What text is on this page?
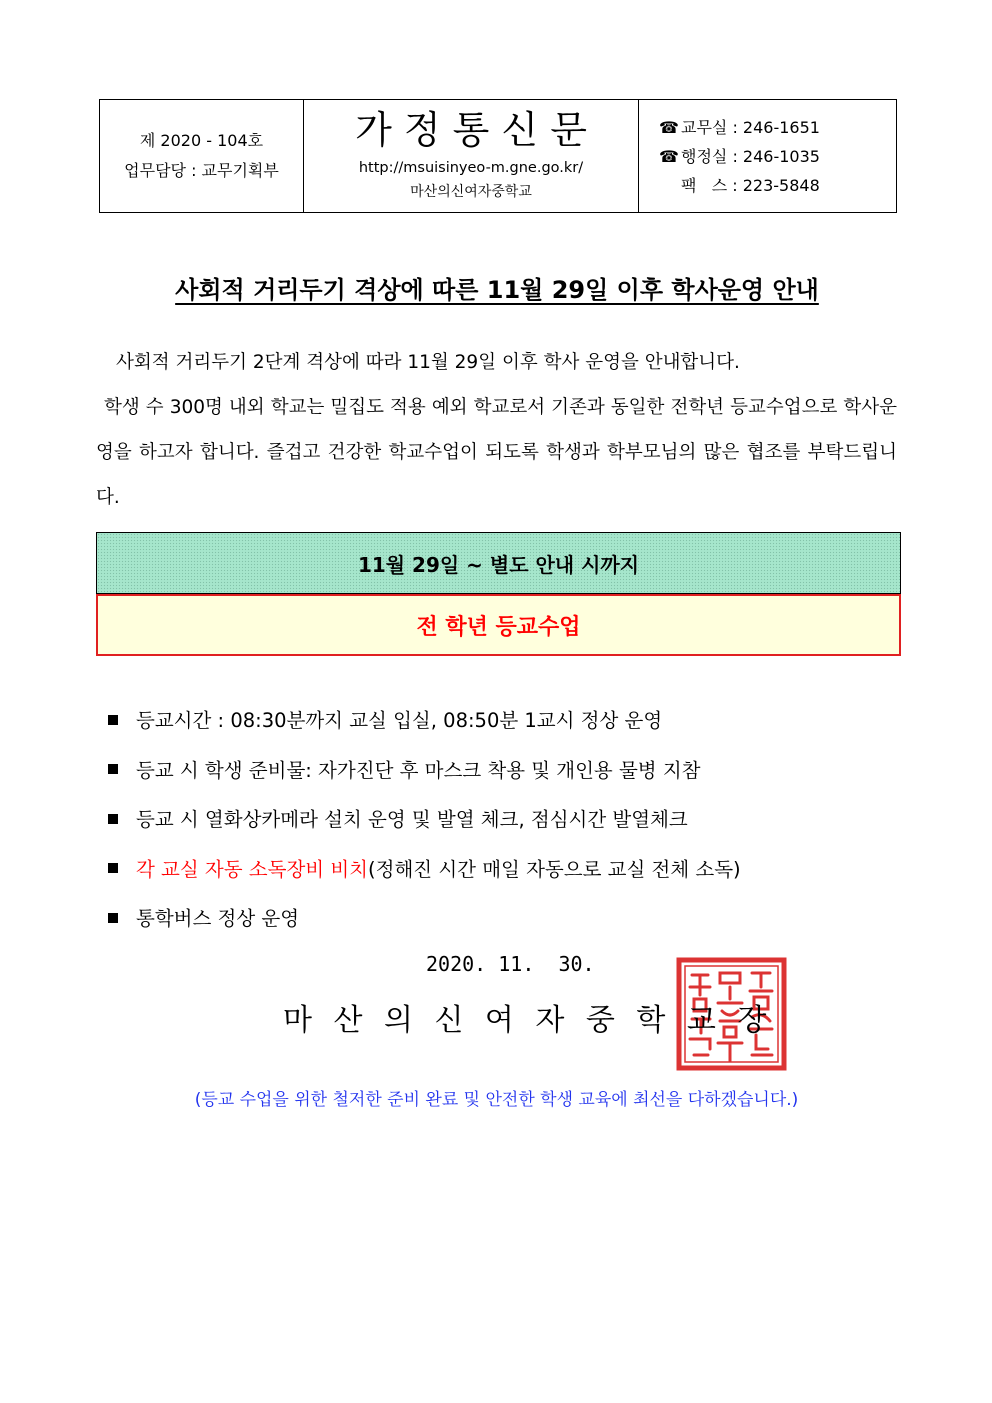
제 2020 - 104호
업무담당 : 교무기획부
가 정 통 신 문
http://msuisinyeo-m.gne.go.kr/
마산의신여자중학교
☎ 교무실 : 246-1651
☎ 행정실 : 246-1035
팩   스 : 223-5848
사회적 거리두기 격상에 따른 11월 29일 이후 학사운영 안내

사회적 거리두기 2단계 격상에 따라 11월 29일 이후 학사 운영을 안내합니다.

학생 수 300명 내외 학교는 밀집도 적용 예외 학교로서 기존과 동일한 전학년 등교수업으로 학사운영을 하고자 합니다. 즐겁고 건강한 학교수업이 되도록 학생과 학부모님의 많은 협조를 부탁드립니다.

11월 29일 ~ 별도 안내 시까지
전 학년 등교수업
등교시간 : 08:30분까지 교실 입실, 08:50분 1교시 정상 운영
등교 시 학생 준비물: 자가진단 후 마스크 착용 및 개인용 물병 지참
등교 시 열화상카메라 설치 운영 및 발열 체크, 점심시간 발열체크
각 교실 자동 소독장비 비치(정해진 시간 매일 자동으로 교실 전체 소독)
통학버스 정상 운영
2020. 11.  30.
마산의신여자중학교장
(등교 수업을 위한 철저한 준비 완료 및 안전한 학생 교육에 최선을 다하겠습니다.)
